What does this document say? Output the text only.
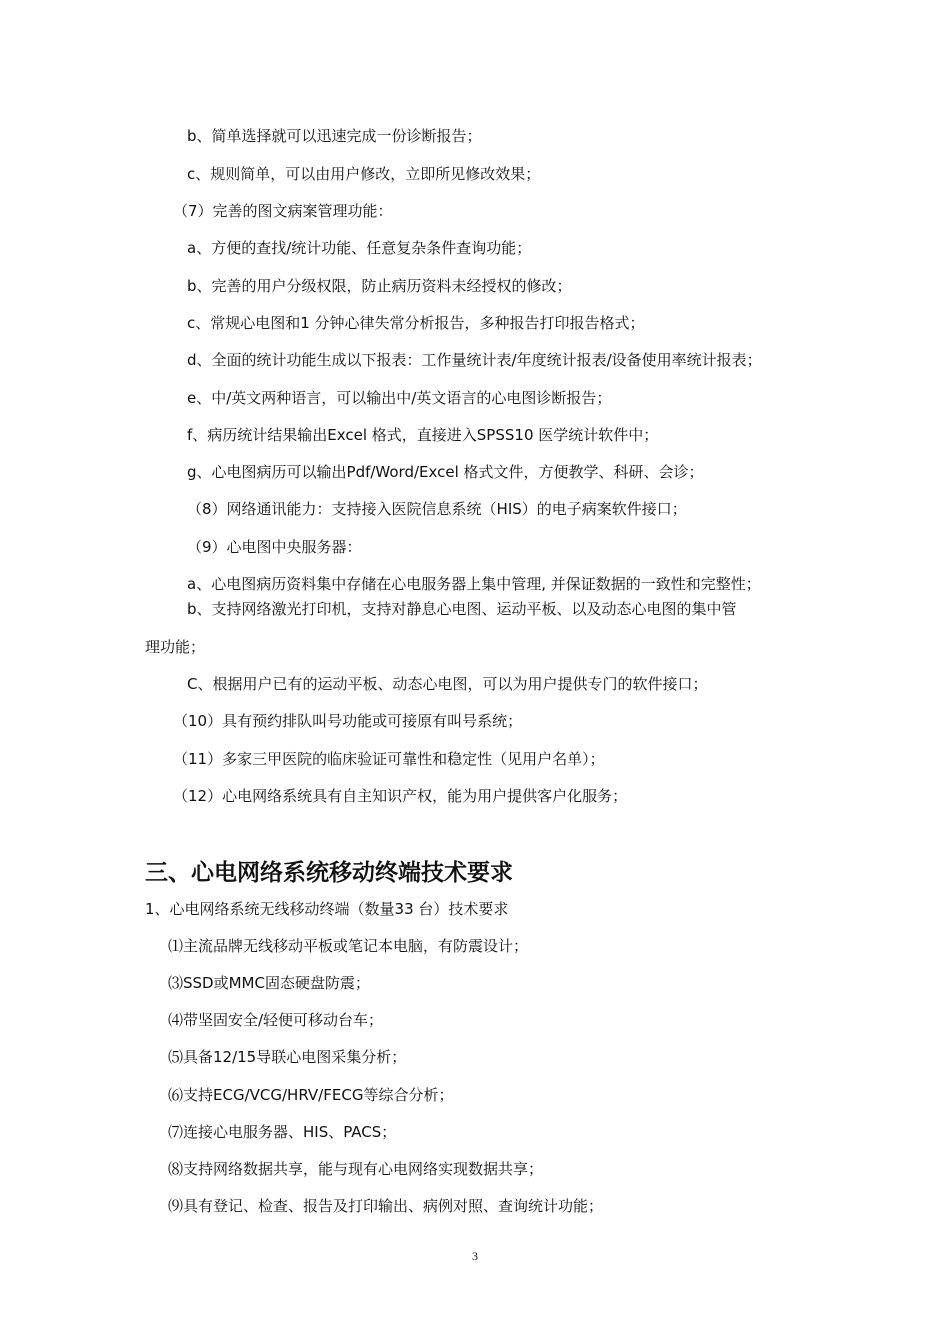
b、简单选择就可以迅速完成一份诊断报告；

c、规则简单，可以由用户修改，立即所见修改效果；

（7）完善的图文病案管理功能：

a、方便的查找/统计功能、任意复杂条件查询功能；

b、完善的用户分级权限，防止病历资料未经授权的修改；

c、常规心电图和1 分钟心律失常分析报告，多种报告打印报告格式；

d、全面的统计功能生成以下报表：工作量统计表/年度统计报表/设备使用率统计报表；

e、中/英文两种语言，可以输出中/英文语言的心电图诊断报告；

f、病历统计结果输出Excel 格式，直接进入SPSS10 医学统计软件中；

g、心电图病历可以输出Pdf/Word/Excel 格式文件，方便教学、科研、会诊；

（8）网络通讯能力：支持接入医院信息系统（HIS）的电子病案软件接口；

（9）心电图中央服务器：

a、心电图病历资料集中存储在心电服务器上集中管理, 并保证数据的一致性和完整性；

b、支持网络激光打印机，支持对静息心电图、运动平板、以及动态心电图的集中管

理功能；

C、根据用户已有的运动平板、动态心电图，可以为用户提供专门的软件接口；

（10）具有预约排队叫号功能或可接原有叫号系统；

（11）多家三甲医院的临床验证可靠性和稳定性（见用户名单）；

（12）心电网络系统具有自主知识产权，能为用户提供客户化服务；

三、心电网络系统移动终端技术要求

1、心电网络系统无线移动终端（数量33 台）技术要求

⑴主流品牌无线移动平板或笔记本电脑，有防震设计；

⑶SSD或MMC固态硬盘防震；

⑷带坚固安全/轻便可移动台车；

⑸具备12/15导联心电图采集分析；

⑹支持ECG/VCG/HRV/FECG等综合分析；

⑺连接心电服务器、HIS、PACS；

⑻支持网络数据共享，能与现有心电网络实现数据共享；

⑼具有登记、检查、报告及打印输出、病例对照、查询统计功能；

3
